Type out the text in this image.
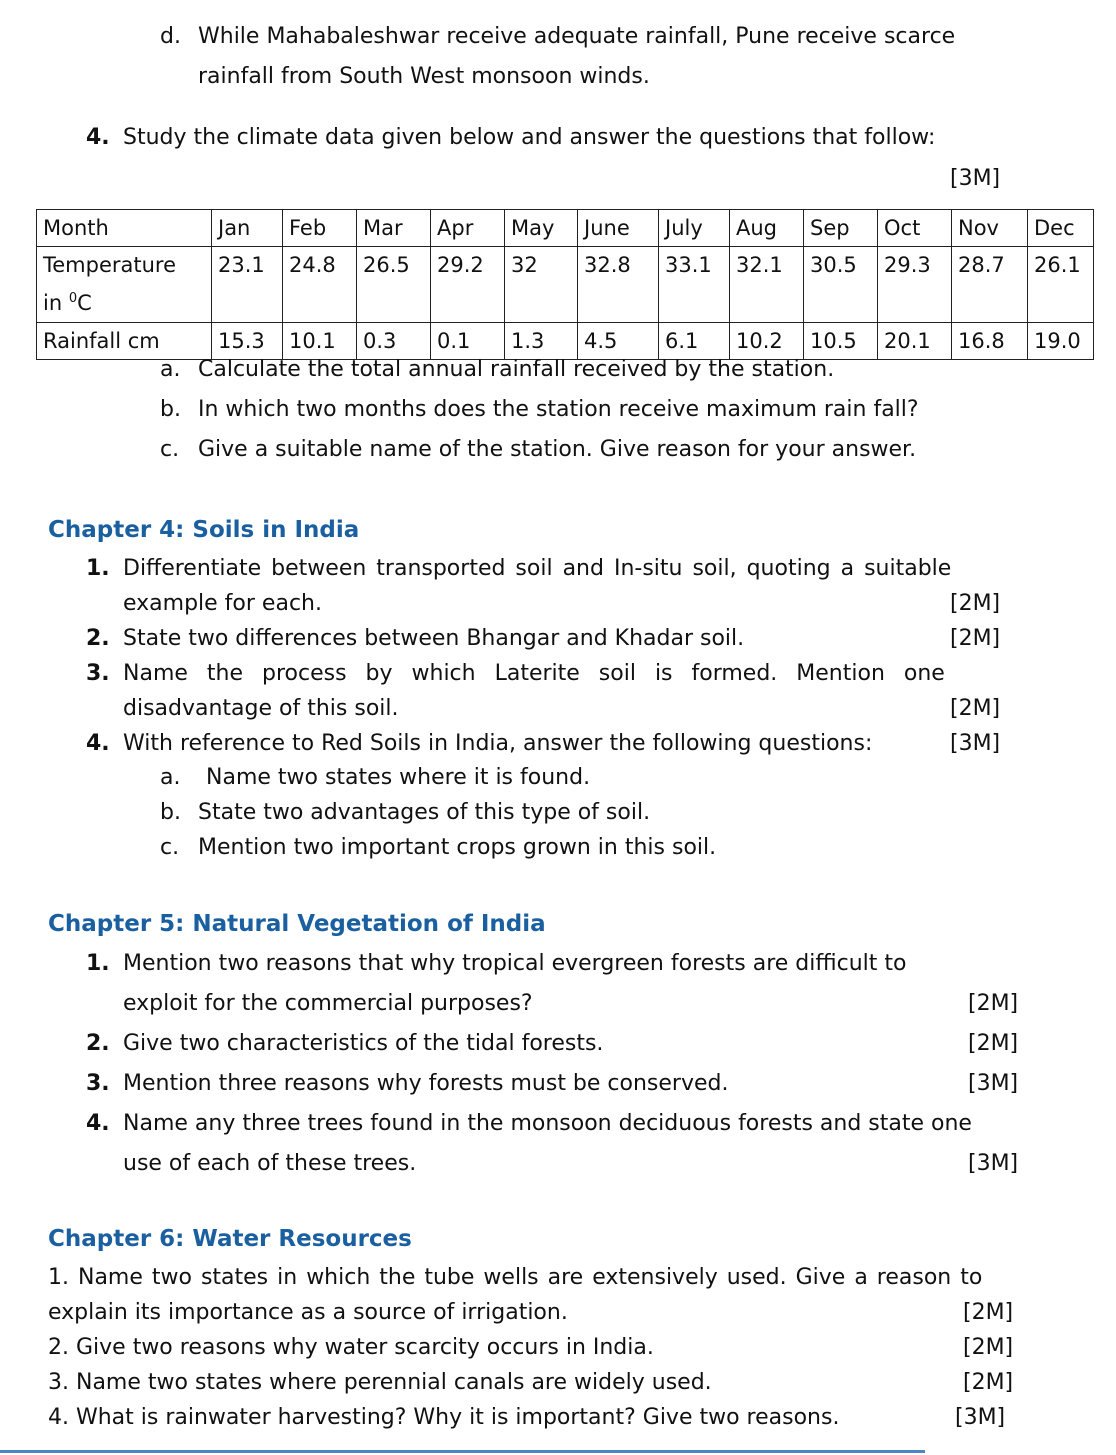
d. While Mahabaleshwar receive adequate rainfall, Pune receive scarce
rainfall from South West monsoon winds.
4. Study the climate data given below and answer the questions that follow:
[3M]
Month	Jan	Feb	Mar	Apr	May	June	July	Aug	Sep	Oct	Nov	Dec
Temperature
in $^0$C	23.1	24.8	26.5	29.2	32	32.8	33.1	32.1	30.5	29.3	28.7	26.1
Rainfall cm	15.3	10.1	0.3	0.1	1.3	4.5	6.1	10.2	10.5	20.1	16.8	19.0
a. Calculate the total annual rainfall received by the station.
b. In which two months does the station receive maximum rain fall?
c. Give a suitable name of the station. Give reason for your answer.
Chapter 4: Soils in India
1. Differentiate between transported soil and In-situ soil, quoting a suitable
example for each.	[2M]
2. State two differences between Bhangar and Khadar soil.	[2M]
3. Name the process by which Laterite soil is formed. Mention one
disadvantage of this soil.	[2M]
4. With reference to Red Soils in India, answer the following questions:	[3M]
a. Name two states where it is found.
b. State two advantages of this type of soil.
c. Mention two important crops grown in this soil.
Chapter 5: Natural Vegetation of India
1. Mention two reasons that why tropical evergreen forests are difficult to
exploit for the commercial purposes?	[2M]
2. Give two characteristics of the tidal forests.	[2M]
3. Mention three reasons why forests must be conserved.	[3M]
4. Name any three trees found in the monsoon deciduous forests and state one
use of each of these trees.	[3M]
Chapter 6: Water Resources
1. Name two states in which the tube wells are extensively used. Give a reason to
explain its importance as a source of irrigation.	[2M]
2. Give two reasons why water scarcity occurs in India.	[2M]
3. Name two states where perennial canals are widely used.	[2M]
4. What is rainwater harvesting? Why it is important? Give two reasons.	[3M]
